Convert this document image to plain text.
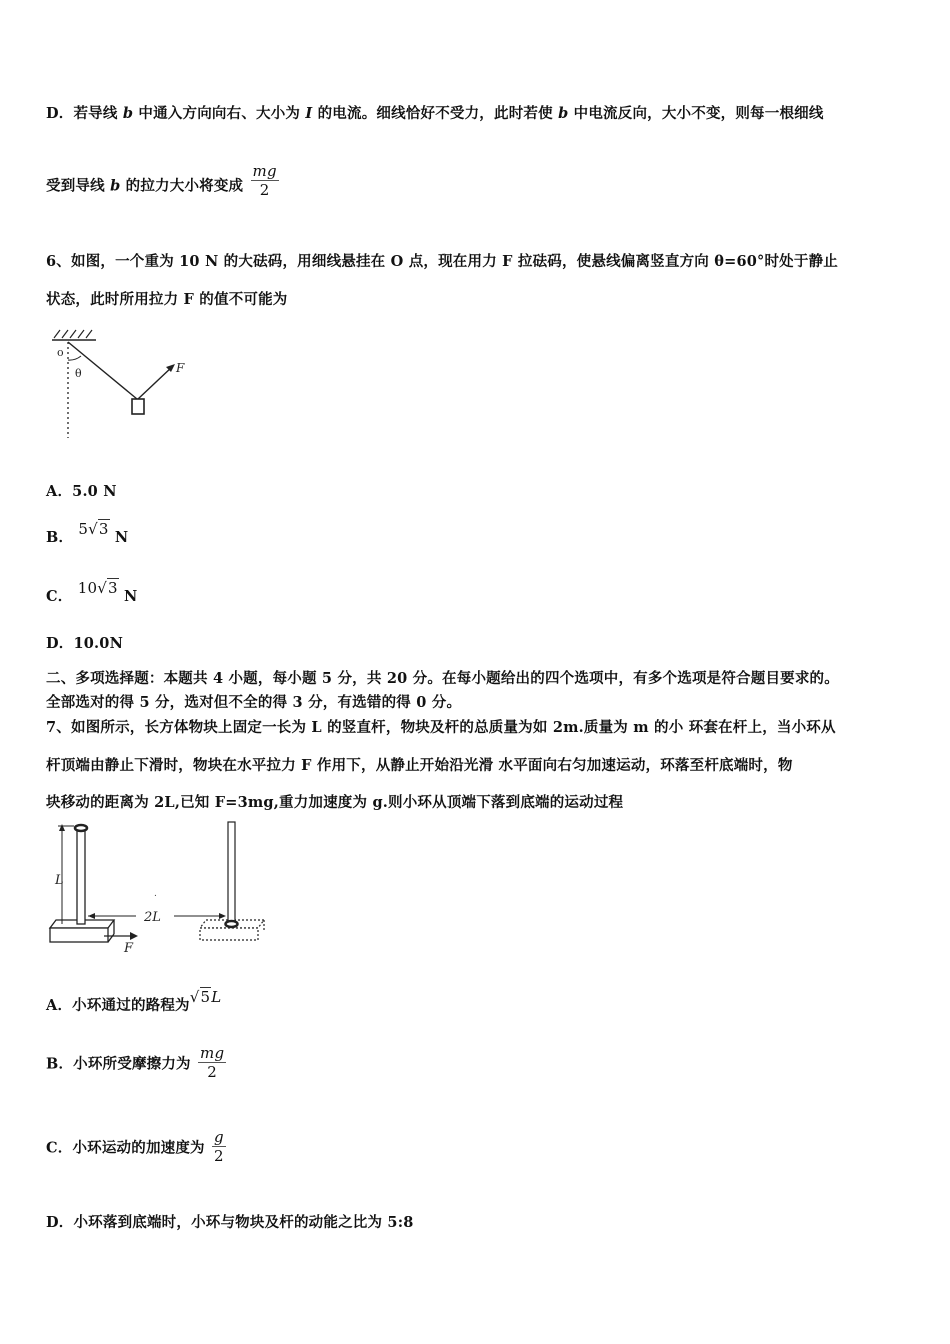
D．若导线 b 中通入方向向右、大小为 I 的电流。细线恰好不受力，此时若使 b 中电流反向，大小不变，则每一根细线
受到导线 b 的拉力大小将变成 $\frac{mg}{2}$
6、如图，一个重为 10 N 的大砝码，用细线悬挂在 O 点，现在用力 F 拉砝码，使悬线偏离竖直方向 θ=60°时处于静止
状态，此时所用拉力 F 的值不可能为
o
θ	F
A．5.0 N
B． 5√3 N
C． 10√3 N
D．10.0N
二、多项选择题：本题共 4 小题，每小题 5 分，共 20 分。在每小题给出的四个选项中，有多个选项是符合题目要求的。
全部选对的得 5 分，选对但不全的得 3 分，有选错的得 0 分。
7、如图所示，长方体物块上固定一长为 L 的竖直杆，物块及杆的总质量为如 2m.质量为 m 的小 环套在杆上，当小环从
杆顶端由静止下滑时，物块在水平拉力 F 作用下，从静止开始沿光滑 水平面向右匀加速运动，环落至杆底端时，物
块移动的距离为 2L,已知 F=3mg,重力加速度为 g.则小环从顶端下落到底端的运动过程
L
2L
.
F
A．小环通过的路程为√5L
B．小环所受摩擦力为 $\frac{mg}{2}$
C．小环运动的加速度为 $\frac{g}{2}$
D．小环落到底端时，小环与物块及杆的动能之比为 5:8
